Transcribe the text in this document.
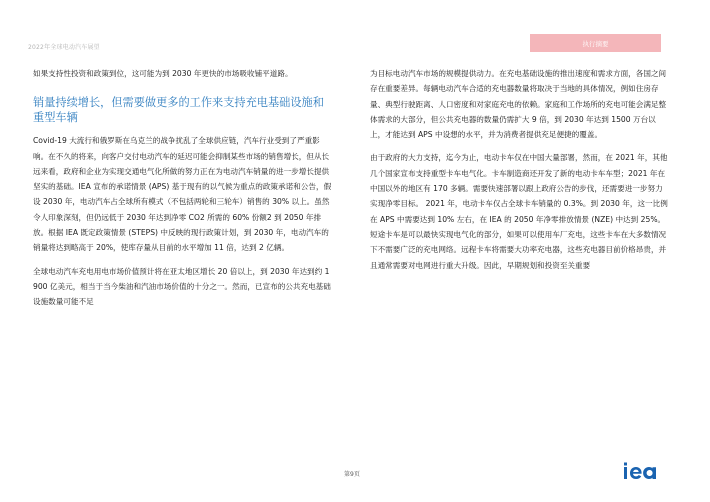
2022年全球电动汽车展望	执行摘要

如果支持性投资和政策到位，这可能为到 2030 年更快的市场吸收铺平道路。

销量持续增长，但需要做更多的工作来支持充电基础设施和重型车辆

Covid-19 大流行和俄罗斯在乌克兰的战争扰乱了全球供应链，汽车行业受到了严重影响。在不久的将来，向客户交付电动汽车的延迟可能会抑制某些市场的销售增长，但从长远来看，政府和企业为实现交通电气化所做的努力正在为电动汽车销量的进一步增长提供坚实的基础。IEA 宣布的承诺情景 (APS) 基于现有的以气候为重点的政策承诺和公告，假设 2030 年，电动汽车占全球所有模式（不包括两轮和三轮车）销售的 30% 以上。虽然令人印象深刻，但仍远低于 2030 年达到净零 CO2 所需的 60% 份额2 到 2050 年排放。根据 IEA 既定政策情景 (STEPS) 中反映的现行政策计划，到 2030 年，电动汽车的销量将达到略高于 20%，使库存量从目前的水平增加 11 倍，达到 2 亿辆。

全球电动汽车充电用电市场价值预计将在亚太地区增长 20 倍以上，到 2030 年达到约 1900 亿美元，相当于当今柴油和汽油市场价值的十分之一。然而，已宣布的公共充电基础设施数量可能不足

为目标电动汽车市场的规模提供动力。在充电基础设施的推出速度和需求方面，各国之间存在重要差异。每辆电动汽车合适的充电器数量将取决于当地的具体情况，例如住房存量、典型行驶距离、人口密度和对家庭充电的依赖。家庭和工作场所的充电可能会满足整体需求的大部分，但公共充电器的数量仍需扩大 9 倍，到 2030 年达到 1500 万台以上，才能达到 APS 中设想的水平，并为消费者提供充足便捷的覆盖。

由于政府的大力支持，迄今为止，电动卡车仅在中国大量部署，然而，在 2021 年，其他几个国家宣布支持重型卡车电气化。卡车制造商还开发了新的电动卡车车型；2021 年在中国以外的地区有 170 多辆。需要快速部署以跟上政府公告的步伐，还需要进一步努力实现净零目标。 2021 年，电动卡车仅占全球卡车销量的 0.3%。到 2030 年，这一比例在 APS 中需要达到 10% 左右，在 IEA 的 2050 年净零排放情景 (NZE) 中达到 25%。短途卡车是可以最快实现电气化的部分，如果可以使用车厂充电，这些卡车在大多数情况下不需要广泛的充电网络。远程卡车将需要大功率充电器，这些充电器目前价格昂贵，并且通常需要对电网进行重大升级。因此，早期规划和投资至关重要

第9页
